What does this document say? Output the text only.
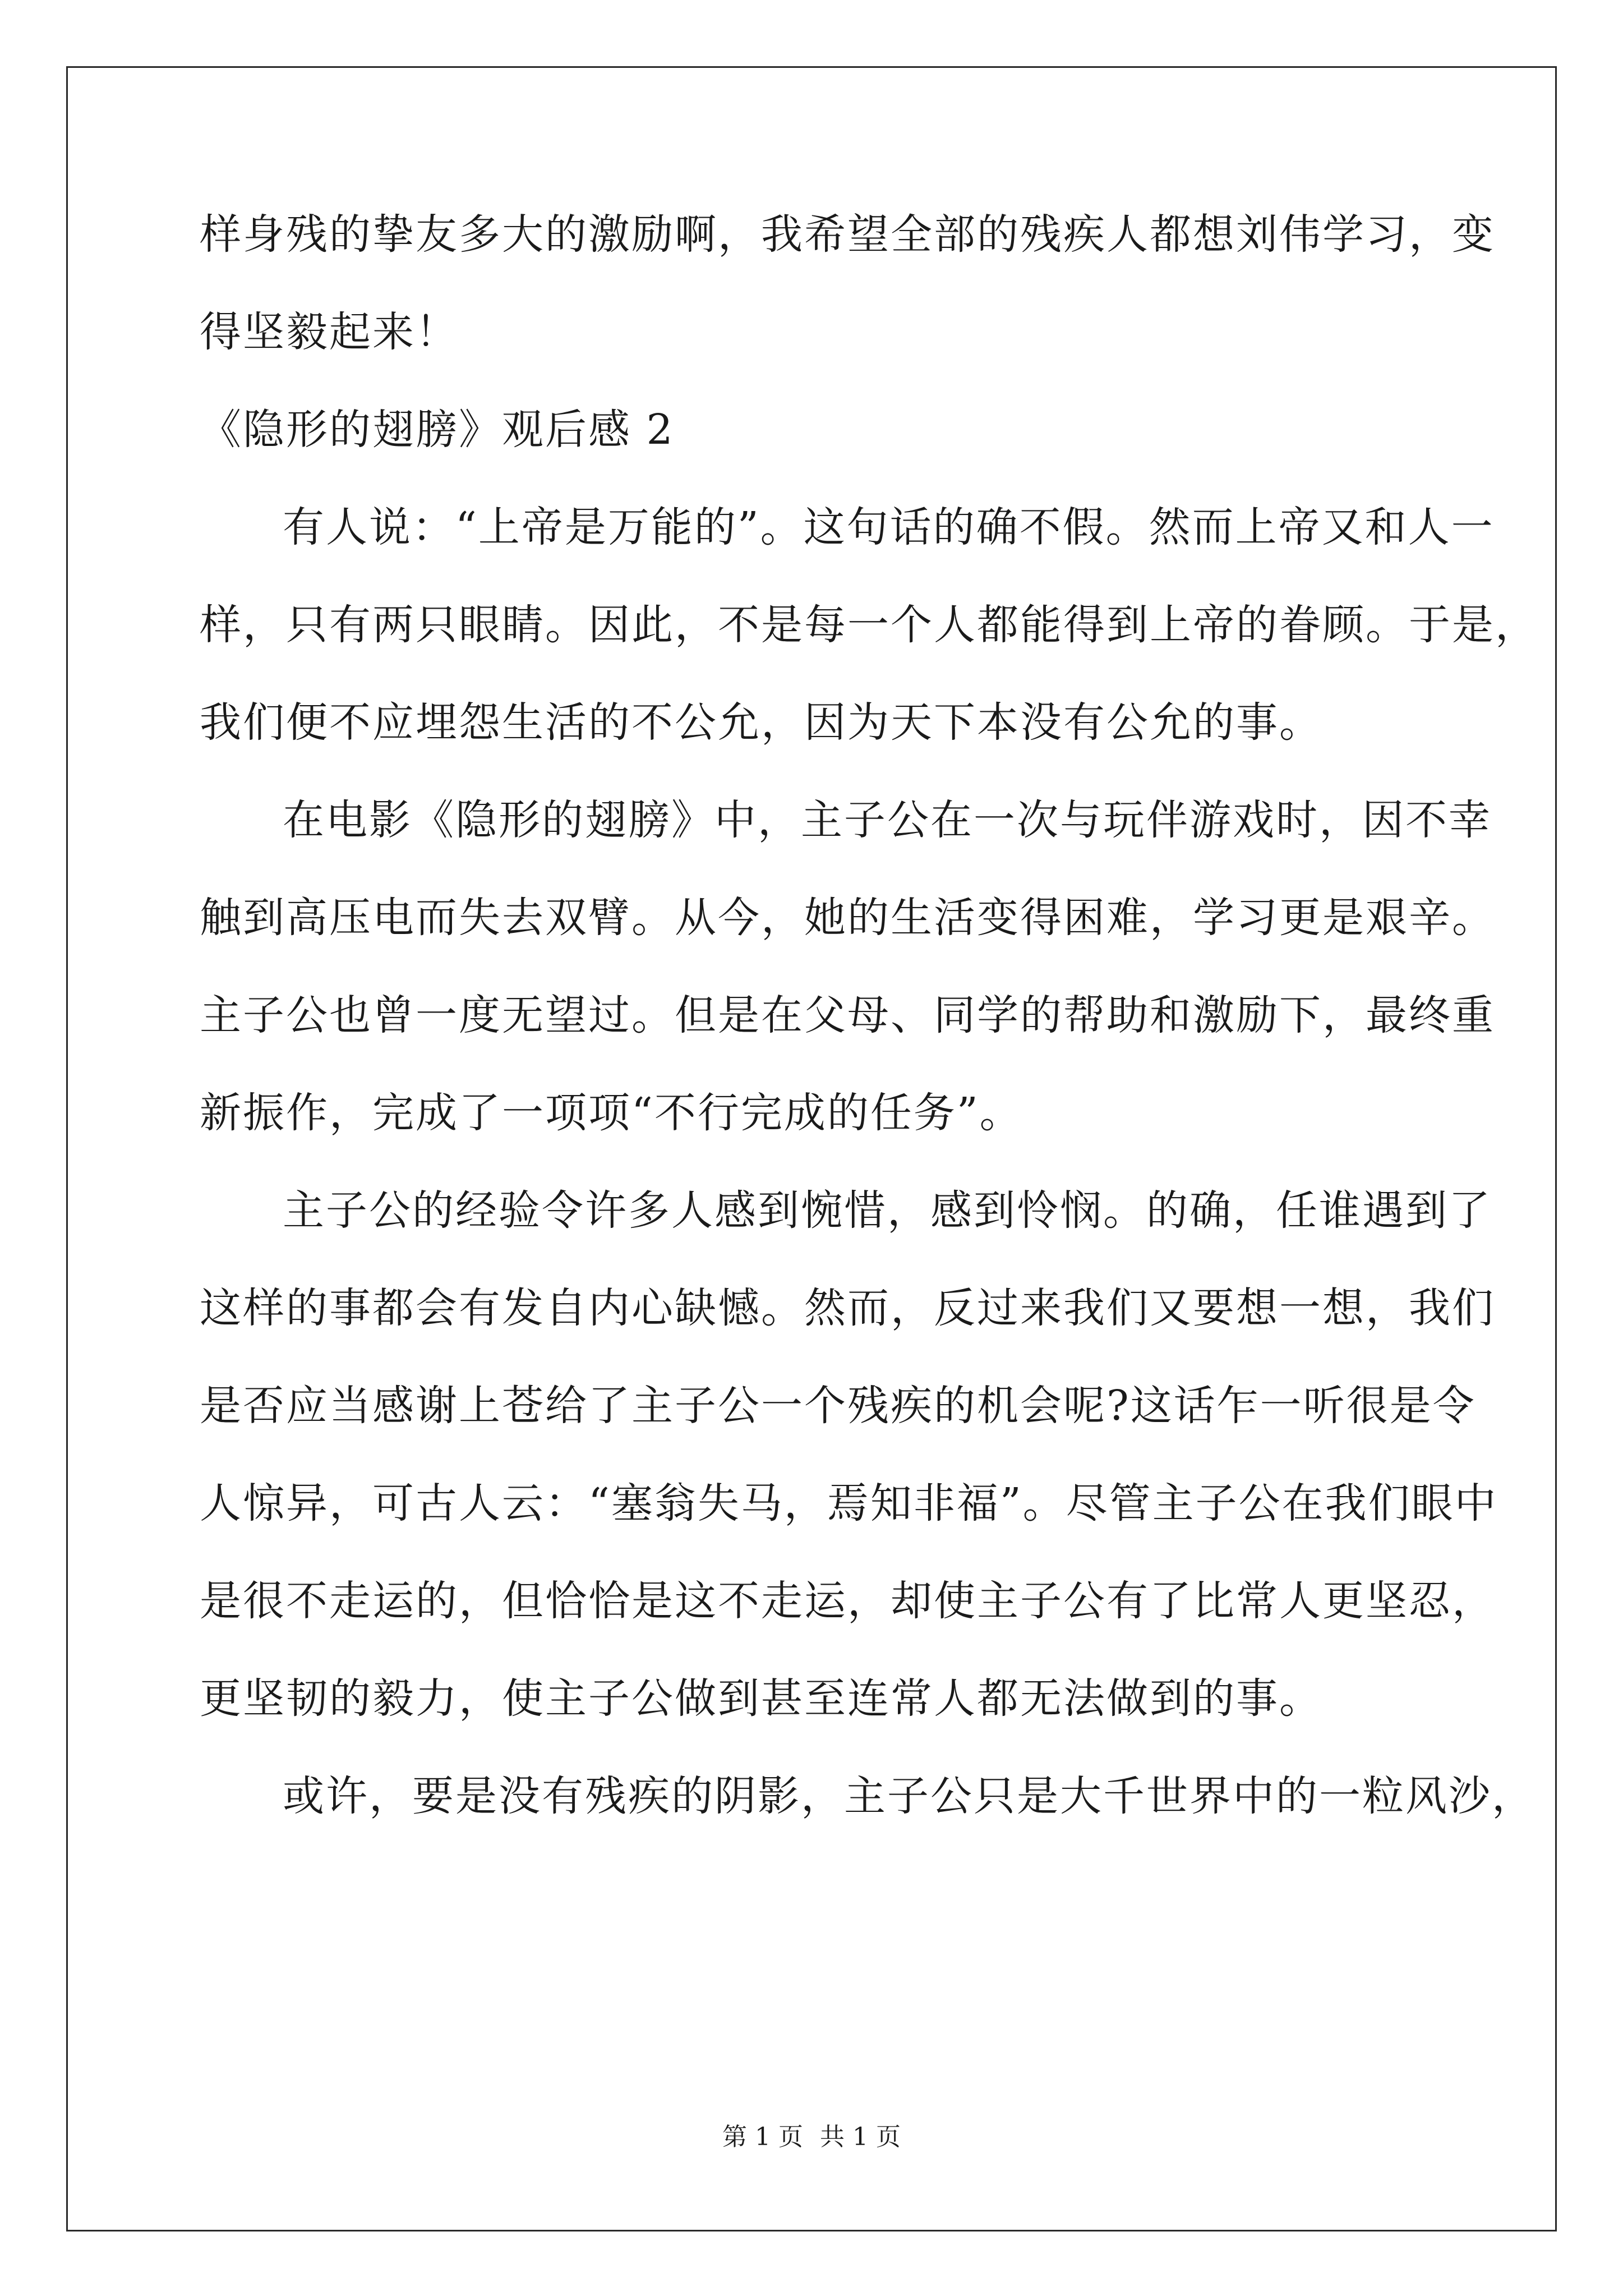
样身残的挚友多大的激励啊，我希望全部的残疾人都想刘伟学习，变
得坚毅起来！
《隐形的翅膀》观后感 2
有人说：“上帝是万能的”。这句话的确不假。然而上帝又和人一
样，只有两只眼睛。因此，不是每一个人都能得到上帝的眷顾。于是，
我们便不应埋怨生活的不公允，因为天下本没有公允的事。
在电影《隐形的翅膀》中，主子公在一次与玩伴游戏时，因不幸
触到高压电而失去双臂。从今，她的生活变得困难，学习更是艰辛。
主子公也曾一度无望过。但是在父母、同学的帮助和激励下，最终重
新振作，完成了一项项“不行完成的任务”。
主子公的经验令许多人感到惋惜，感到怜悯。的确，任谁遇到了
这样的事都会有发自内心缺憾。然而，反过来我们又要想一想，我们
是否应当感谢上苍给了主子公一个残疾的机会呢?这话乍一听很是令
人惊异，可古人云：“塞翁失马，焉知非福”。尽管主子公在我们眼中
是很不走运的，但恰恰是这不走运，却使主子公有了比常人更坚忍，
更坚韧的毅力，使主子公做到甚至连常人都无法做到的事。
或许，要是没有残疾的阴影，主子公只是大千世界中的一粒风沙，
第 1 页 共 1 页
